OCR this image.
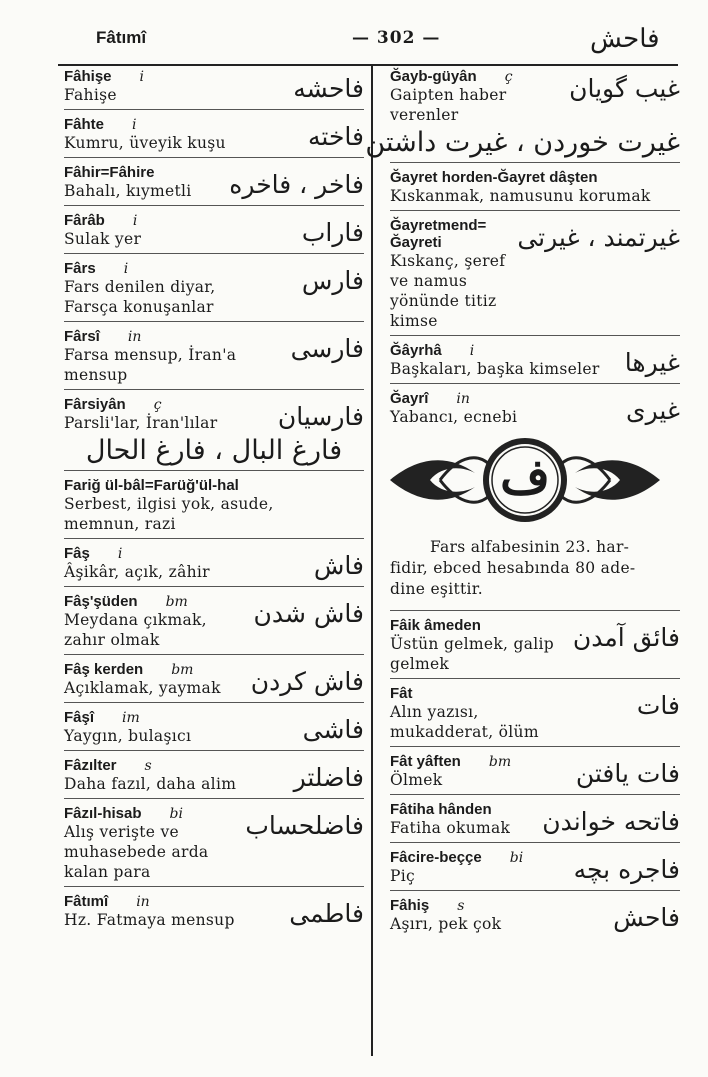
Fâtımî	— 302 —	فاحش
Fâhişe i
Fahişe	فاحشه
Fâhte i
Kumru, üveyik kuşu	فاخته
Fâhir=Fâhire
Bahalı, kıymetli فاخر ، فاخره
Fârâb i
Sulak yer	فاراب
Fârs i
Fars denilen diyar,
Farsça konuşanlar
فارس
Fârsî in
Farsa mensup, İran'a mensup
فارسى
Fârsiyân ç
Parsli'lar, İran'lılar فارسيان
فارغ البال ، فارغ الحال
Fariğ ül-bâl=Farüğ'ül-hal
Serbest, ilgisi yok, asude,
memnun, razi
Fâş i
Âşikâr, açık, zâhir	فاش
Fâş'şüden bm
Meydana çıkmak,
zahır olmak
فاش شدن
Fâş kerden bm
Açıklamak, yaymak فاش كردن
Fâşî im
Yaygın, bulaşıcı	فاشى
Fâzılter s
Daha fazıl, daha alim فاضلتر
Fâzıl-hisab bi
Alış verişte ve
muhasebede arda kalan para
فاضلحساب
Fâtımî in
Hz. Fatmaya mensup فاطمى
Ğayb-güyân ç
Gaipten haber verenler
غيب گويان
غيرت خوردن ، غيرت داشتن
Ğayret horden-Ğayret dâşten
Kıskanmak, namusunu korumak
Ğayretmend=
Ğayreti
Kıskanç, şeref ve namus
yönünde titiz kimse
غيرتمند ، غيرتى
Ğâyrhâ i
Başkaları, başka kimseler غيرها
Ğayrî in
Yabancı, ecnebi	غيرى
ف
Fars alfabesinin 23. har-
fidir, ebced hesabında 80 ade-
dine eşittir.
Fâik âmeden
Üstün gelmek, galip gelmek
فائق آمدن
Fât
Alın yazısı,
mukadderat, ölüm
فات
Fât yâften bm
Ölmek	فات يافتن
Fâtiha hânden
Fatiha okumak فاتحه خواندن
Fâcire-beççe bi
Piç	فاجره بچه
Fâhiş s
Aşırı, pek çok	فاحش
